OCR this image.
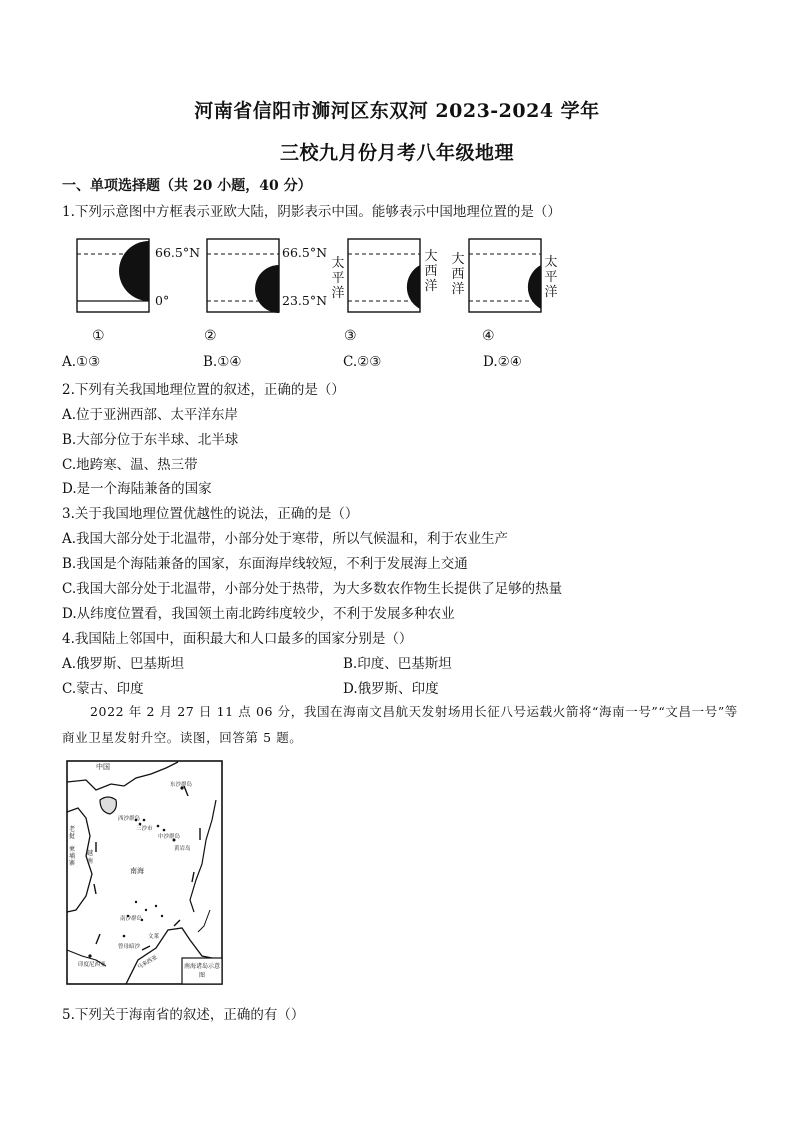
河南省信阳市浉河区东双河 2023-2024 学年
三校九月份月考八年级地理
一、单项选择题（共 20 小题，40 分）
1.下列示意图中方框表示亚欧大陆，阴影表示中国。能够表示中国地理位置的是（）
66.5°N
0°
①
66.5°N
23.5°N
②
太平洋
大西洋
③
大西洋
太平洋
④
A.①③	B.①④	C.②③	D.②④
2.下列有关我国地理位置的叙述，正确的是（）
A.位于亚洲西部、太平洋东岸
B.大部分位于东半球、北半球
C.地跨寒、温、热三带
D.是一个海陆兼备的国家
3.关于我国地理位置优越性的说法，正确的是（）
A.我国大部分处于北温带，小部分处于寒带，所以气候温和，利于农业生产
B.我国是个海陆兼备的国家，东面海岸线较短，不利于发展海上交通
C.我国大部分处于北温带，小部分处于热带，为大多数农作物生长提供了足够的热量
D.从纬度位置看，我国领土南北跨纬度较少，不利于发展多种农业
4.我国陆上邻国中，面积最大和人口最多的国家分别是（）
A.俄罗斯、巴基斯坦	B.印度、巴基斯坦
C.蒙古、印度	D.俄罗斯、印度
2022 年 2 月 27 日 11 点 06 分，我国在海南文昌航天发射场用长征八号运载火箭将“海南一号”“文昌一号”等商业卫星发射升空。读图，回答第 5 题。
中国
东沙群岛
西沙群岛
三沙市
中沙群岛
黄岩岛
老挝
柬埔寨
越南
南海
南沙群岛
曾母暗沙
文莱
印度尼西亚	马来西亚	南海诸岛示意图
5.下列关于海南省的叙述，正确的有（）
